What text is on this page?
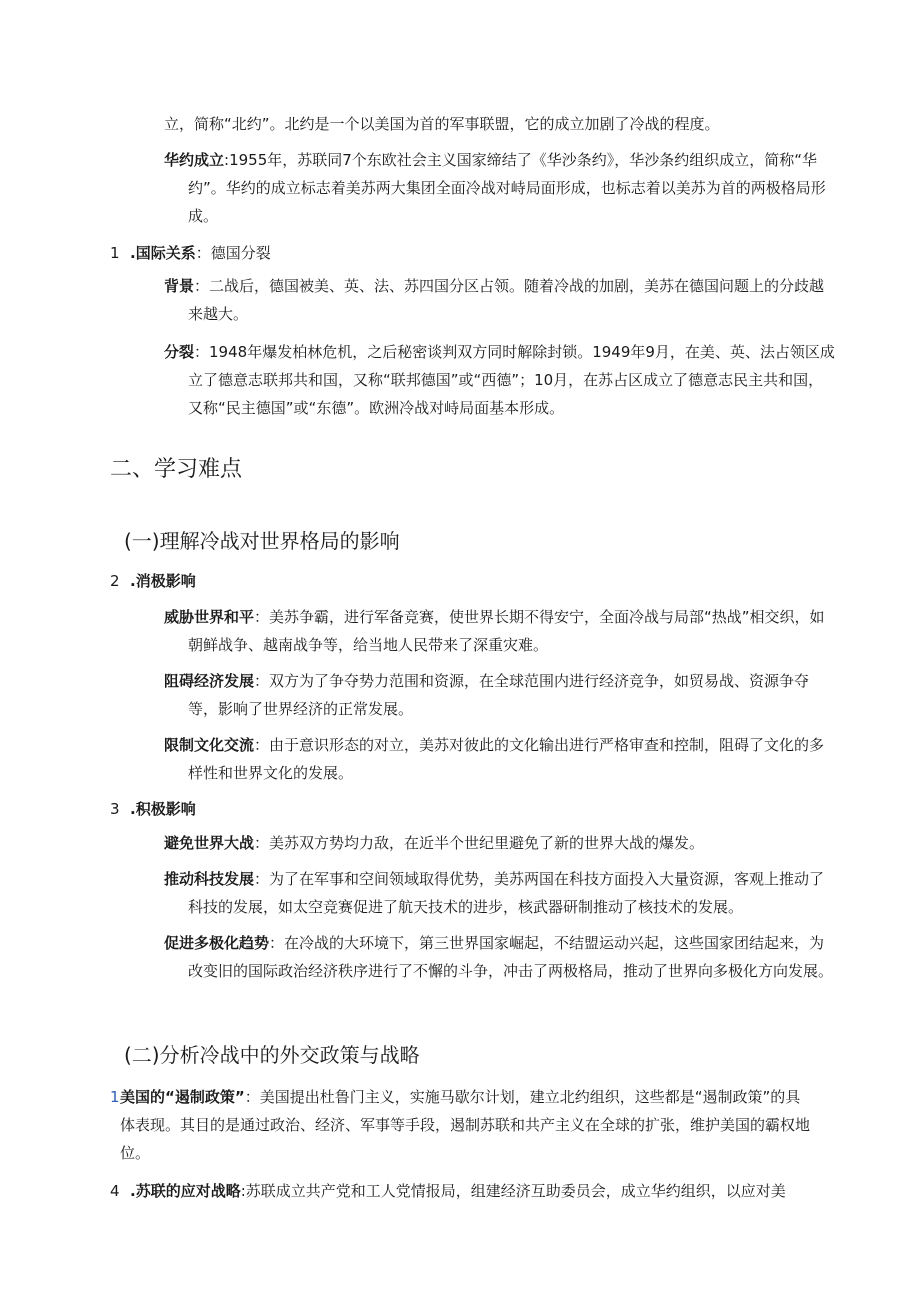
立，简称“北约”。北约是一个以美国为首的军事联盟，它的成立加剧了冷战的程度。

华约成立:1955年，苏联同7个东欧社会主义国家缔结了《华沙条约》，华沙条约组织成立，简称“华约”。华约的成立标志着美苏两大集团全面冷战对峙局面形成，也标志着以美苏为首的两极格局形成。

1 .国际关系：德国分裂

背景：二战后，德国被美、英、法、苏四国分区占领。随着冷战的加剧，美苏在德国问题上的分歧越来越大。

分裂：1948年爆发柏林危机，之后秘密谈判双方同时解除封锁。1949年9月，在美、英、法占领区成立了德意志联邦共和国，又称“联邦德国”或“西德”；10月，在苏占区成立了德意志民主共和国，又称“民主德国”或“东德”。欧洲冷战对峙局面基本形成。

二、学习难点
(一)理解冷战对世界格局的影响
2 .消极影响

威胁世界和平：美苏争霸，进行军备竞赛，使世界长期不得安宁，全面冷战与局部“热战”相交织，如朝鲜战争、越南战争等，给当地人民带来了深重灾难。

阻碍经济发展：双方为了争夺势力范围和资源，在全球范围内进行经济竞争，如贸易战、资源争夺等，影响了世界经济的正常发展。

限制文化交流：由于意识形态的对立，美苏对彼此的文化输出进行严格审查和控制，阻碍了文化的多样性和世界文化的发展。

3 .积极影响

避免世界大战：美苏双方势均力敌，在近半个世纪里避免了新的世界大战的爆发。

推动科技发展：为了在军事和空间领域取得优势，美苏两国在科技方面投入大量资源，客观上推动了科技的发展，如太空竞赛促进了航天技术的进步，核武器研制推动了核技术的发展。

促进多极化趋势：在冷战的大环境下，第三世界国家崛起，不结盟运动兴起，这些国家团结起来，为改变旧的国际政治经济秩序进行了不懈的斗争，冲击了两极格局，推动了世界向多极化方向发展。

(二)分析冷战中的外交政策与战略
1 美国的“遏制政策”：美国提出杜鲁门主义，实施马歇尔计划，建立北约组织，这些都是“遏制政策”的具体表现。其目的是通过政治、经济、军事等手段，遏制苏联和共产主义在全球的扩张，维护美国的霸权地位。

4 .苏联的应对战略:苏联成立共产党和工人党情报局，组建经济互助委员会，成立华约组织，以应对美
